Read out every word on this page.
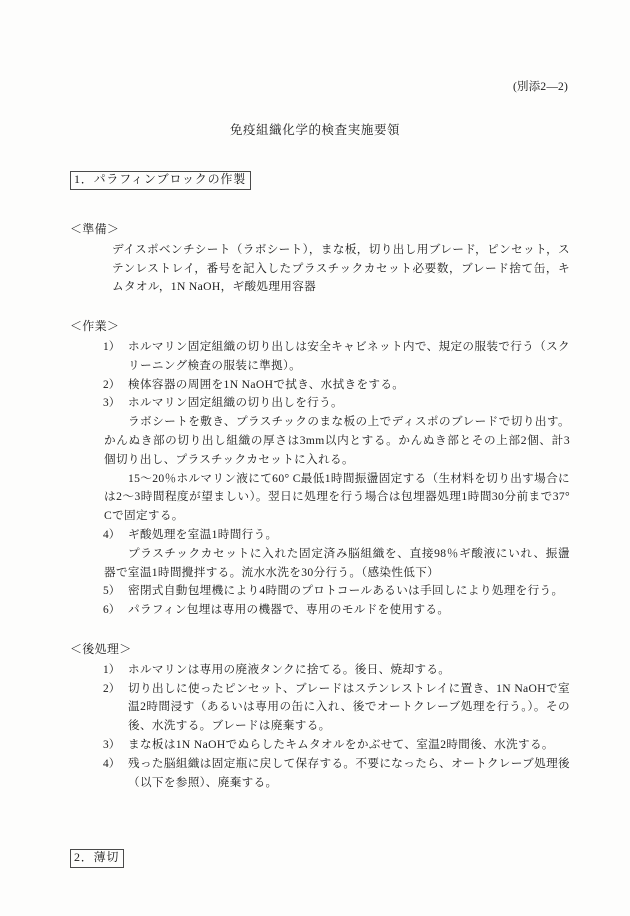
(別添2—2)
免疫組織化学的検査実施要領
1．パラフィンブロックの作製
＜準備＞
デイスポベンチシート（ラボシート），まな板，切り出し用ブレード，ピンセット，ステンレストレイ，番号を記入したプラスチックカセット必要数，ブレード捨て缶，キムタオル，1N NaOH，ギ酸処理用容器
＜作業＞
1） ホルマリン固定組織の切り出しは安全キャビネット内で、規定の服装で行う（スクリーニング検査の服装に準拠）。
2） 検体容器の周囲を1N NaOHで拭き、水拭きをする。
3） ホルマリン固定組織の切り出しを行う。
ラボシートを敷き、プラスチックのまな板の上でディスポのブレードで切り出す。かんぬき部の切り出し組織の厚さは3mm以内とする。かんぬき部とその上部2個、計3個切り出し、プラスチックカセットに入れる。
15〜20％ホルマリン液にて60° C最低1時間振盪固定する（生材料を切り出す場合には2〜3時間程度が望ましい）。翌日に処理を行う場合は包埋器処理1時間30分前まで37° Cで固定する。
4） ギ酸処理を室温1時間行う。
プラスチックカセットに入れた固定済み脳組織を、直接98％ギ酸液にいれ、振盪器で室温1時間攪拌する。流水水洗を30分行う。（感染性低下）
5） 密閉式自動包埋機により4時間のプロトコールあるいは手回しにより処理を行う。
6） パラフィン包埋は専用の機器で、専用のモルドを使用する。
＜後処理＞
1） ホルマリンは専用の廃液タンクに捨てる。後日、焼却する。
2） 切り出しに使ったピンセット、ブレードはステンレストレイに置き、1N NaOHで室温2時間浸す（あるいは専用の缶に入れ、後でオートクレーブ処理を行う。）。その後、水洗する。ブレードは廃棄する。
3） まな板は1N NaOHでぬらしたキムタオルをかぶせて、室温2時間後、水洗する。
4） 残った脳組織は固定瓶に戻して保存する。不要になったら、オートクレーブ処理後（以下を参照）、廃棄する。
2．薄切
